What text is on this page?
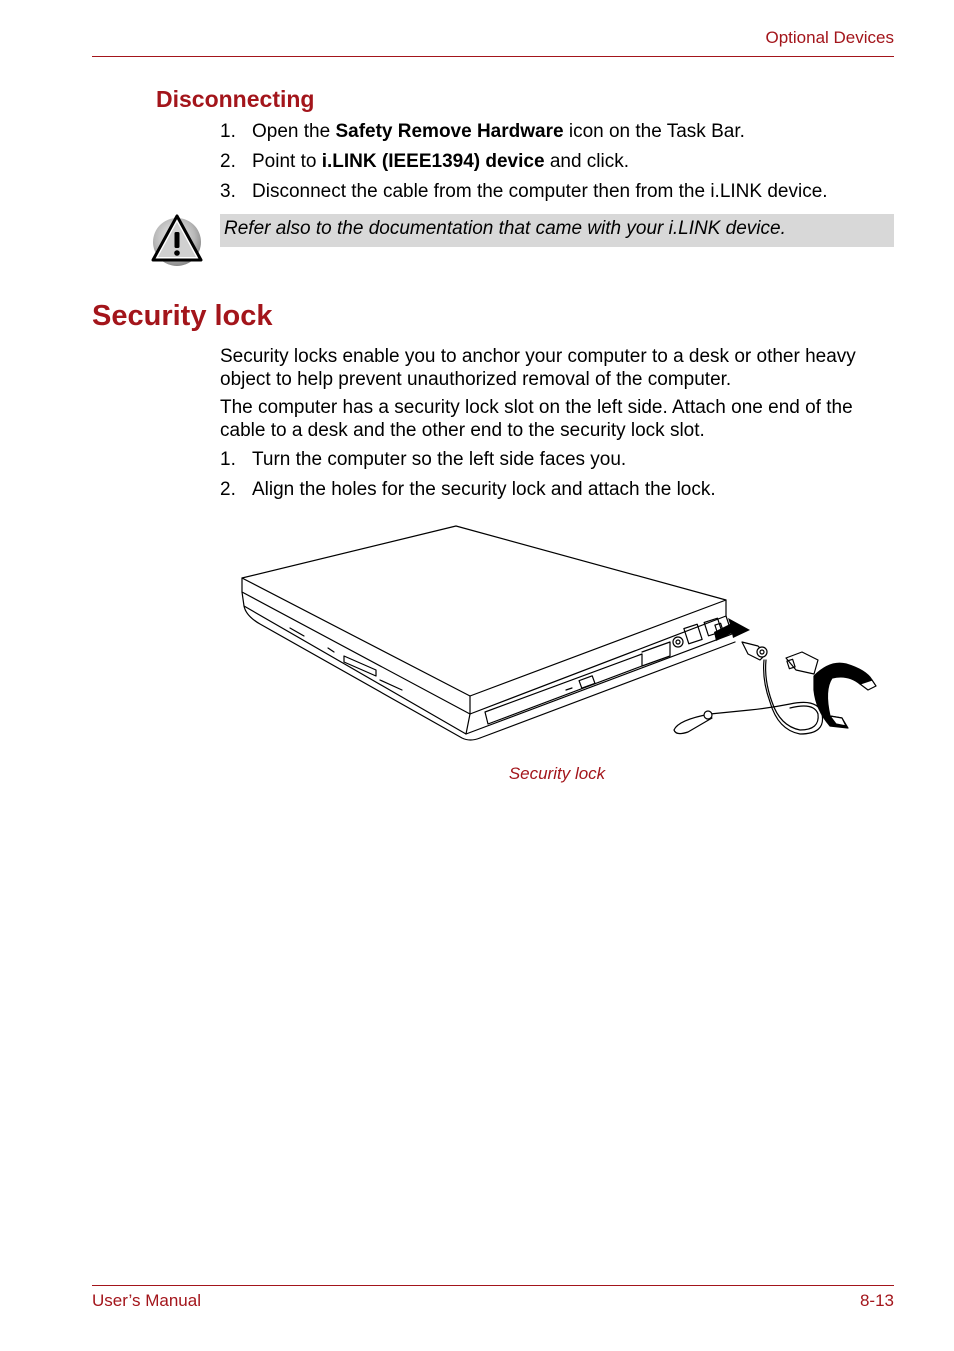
Optional Devices
Disconnecting
1. Open the Safety Remove Hardware icon on the Task Bar.
2. Point to i.LINK (IEEE1394) device and click.
3. Disconnect the cable from the computer then from the i.LINK device.
Refer also to the documentation that came with your i.LINK device.
Security lock

Security locks enable you to anchor your computer to a desk or other heavy object to help prevent unauthorized removal of the computer.

The computer has a security lock slot on the left side. Attach one end of the cable to a desk and the other end to the security lock slot.

1. Turn the computer so the left side faces you.
2. Align the holes for the security lock and attach the lock.
Security lock
User’s Manual	8-13
